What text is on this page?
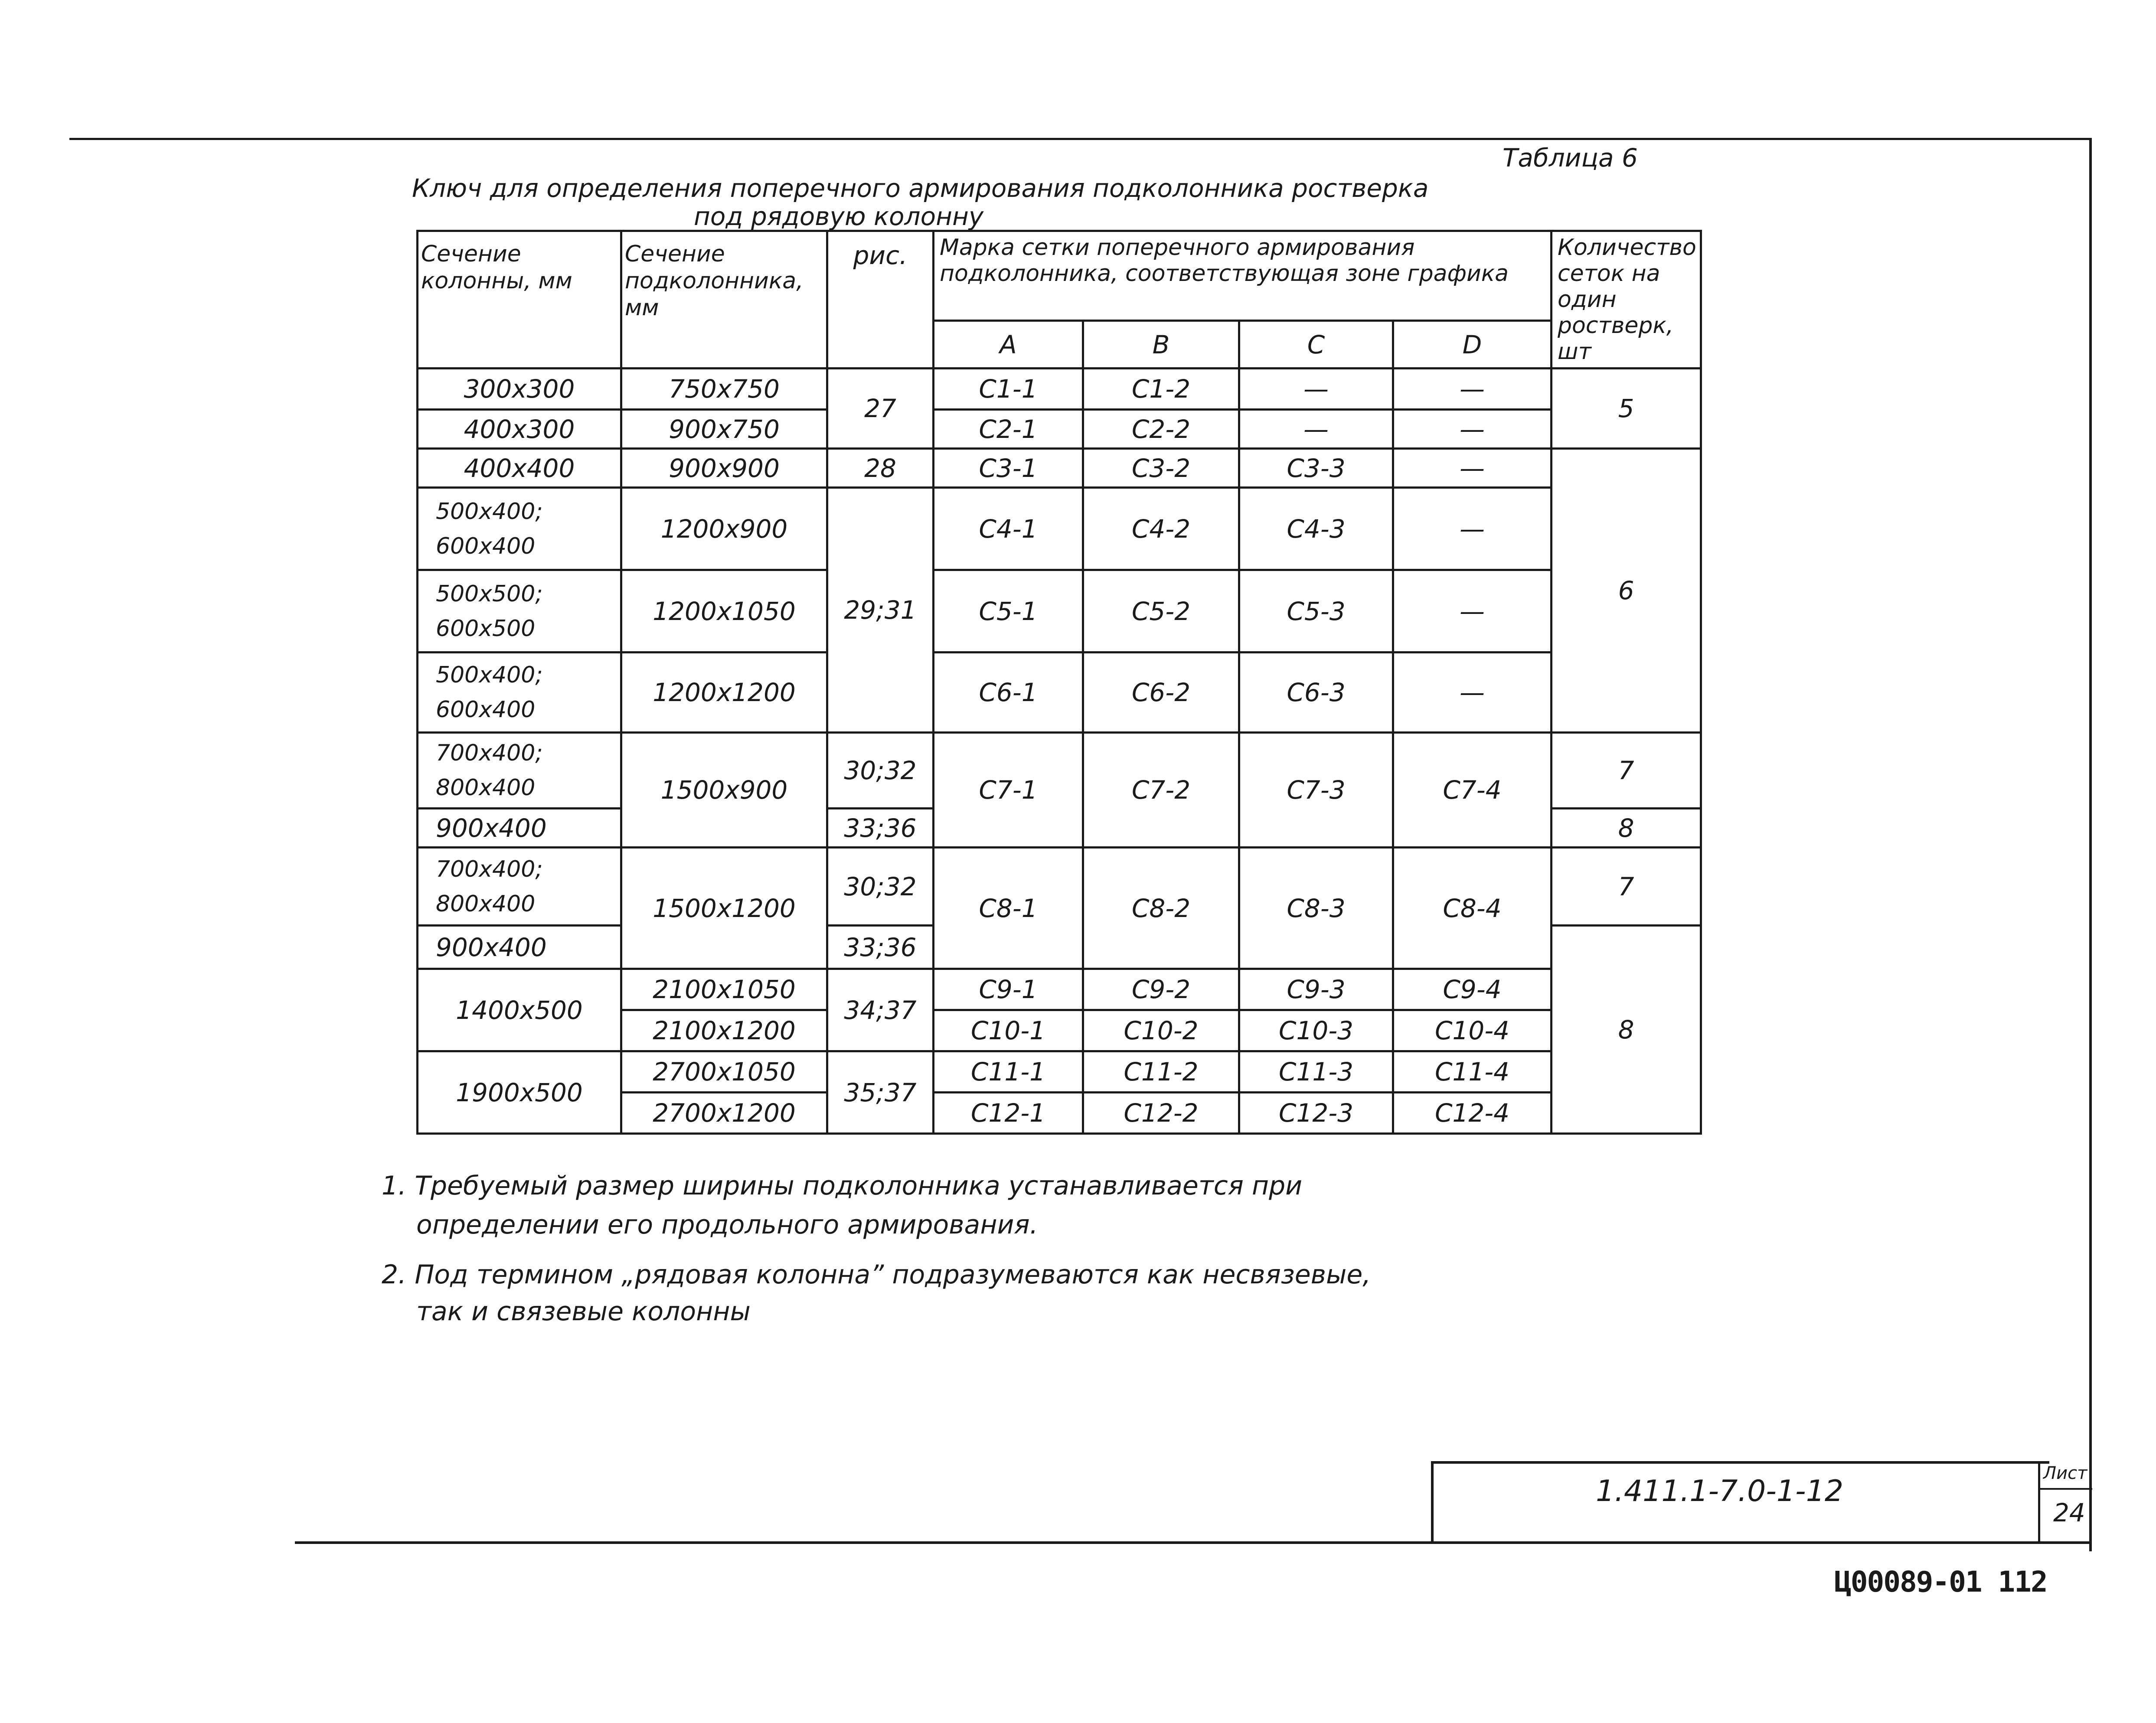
Таблица 6
Ключ для определения поперечного армирования подколонника ростверка
под рядовую колонну
Сечение колонны, мм	Сечение подколонника, мм	рис.	Марка сетки поперечного армирования подколонника, соответствующая зоне графика				Количество сеток на один ростверк, шт
			А	В	С	D	
300x300	750x750	27	С1-1	С1-2	—	—	5
400x300	900x750		С2-1	С2-2	—	—	
400x400	900x900	28	С3-1	С3-2	С3-3	—	6
500x400; 600x400	1200x900	29;31	С4-1	С4-2	С4-3	—	
500x500; 600x500	1200x1050		С5-1	С5-2	С5-3	—	
500x400; 600x400	1200x1200		С6-1	С6-2	С6-3	—	
700x400; 800x400	1500x900	30;32	С7-1	С7-2	С7-3	С7-4	7
900x400		33;36					8
700x400; 800x400	1500x1200	30;32	С8-1	С8-2	С8-3	С8-4	7
900x400		33;36					8
1400x500	2100x1050	34;37	С9-1	С9-2	С9-3	С9-4	
	2100x1200		С10-1	С10-2	С10-3	С10-4	
1900x500	2700x1050	35;37	С11-1	С11-2	С11-3	С11-4	
	2700x1200		С12-1	С12-2	С12-3	С12-4	
1. Требуемый размер ширины подколонника устанавливается при
определении его продольного армирования.
2. Под термином „рядовая колонна” подразумеваются как несвязевые,
так и связевые колонны
1.411.1-7.0-1-12
Лист
24
Ц00089-01 112
